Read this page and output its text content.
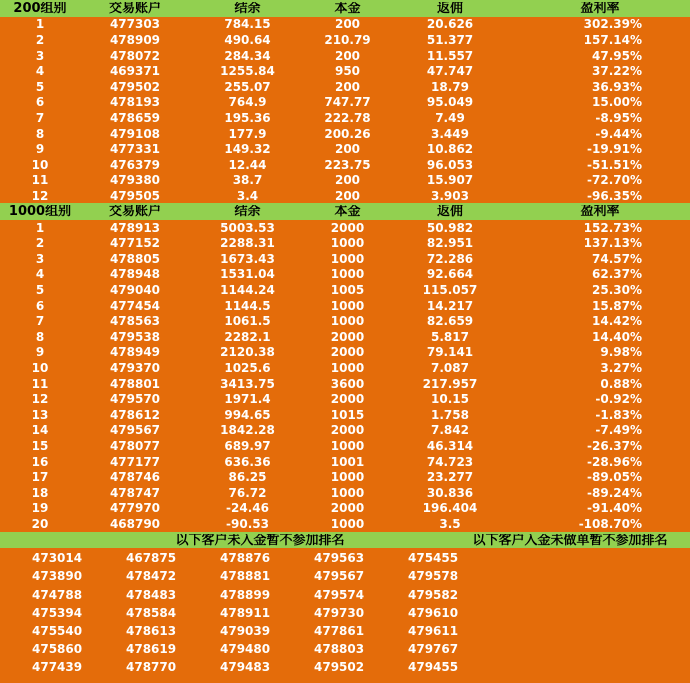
200组别	交易账户	结余	本金	返佣	盈利率
1	477303	784.15	200	20.626	302.39%
2	478909	490.64	210.79	51.377	157.14%
3	478072	284.34	200	11.557	47.95%
4	469371	1255.84	950	47.747	37.22%
5	479502	255.07	200	18.79	36.93%
6	478193	764.9	747.77	95.049	15.00%
7	478659	195.36	222.78	7.49	-8.95%
8	479108	177.9	200.26	3.449	-9.44%
9	477331	149.32	200	10.862	-19.91%
10	476379	12.44	223.75	96.053	-51.51%
11	479380	38.7	200	15.907	-72.70%
12	479505	3.4	200	3.903	-96.35%
1000组别	交易账户	结余	本金	返佣	盈利率
1	478913	5003.53	2000	50.982	152.73%
2	477152	2288.31	1000	82.951	137.13%
3	478805	1673.43	1000	72.286	74.57%
4	478948	1531.04	1000	92.664	62.37%
5	479040	1144.24	1005	115.057	25.30%
6	477454	1144.5	1000	14.217	15.87%
7	478563	1061.5	1000	82.659	14.42%
8	479538	2282.1	2000	5.817	14.40%
9	478949	2120.38	2000	79.141	9.98%
10	479370	1025.6	1000	7.087	3.27%
11	478801	3413.75	3600	217.957	0.88%
12	479570	1971.4	2000	10.15	-0.92%
13	478612	994.65	1015	1.758	-1.83%
14	479567	1842.28	2000	7.842	-7.49%
15	478077	689.97	1000	46.314	-26.37%
16	477177	636.36	1001	74.723	-28.96%
17	478746	86.25	1000	23.277	-89.05%
18	478747	76.72	1000	30.836	-89.24%
19	477970	-24.46	2000	196.404	-91.40%
20	468790	-90.53	1000	3.5	-108.70%
以下客户未入金暂不参加排名	以下客户入金未做单暂不参加排名
473014	467875	478876	479563	475455
473890	478472	478881	479567	479578
474788	478483	478899	479574	479582
475394	478584	478911	479730	479610
475540	478613	479039	477861	479611
475860	478619	479480	478803	479767
477439	478770	479483	479502	479455
